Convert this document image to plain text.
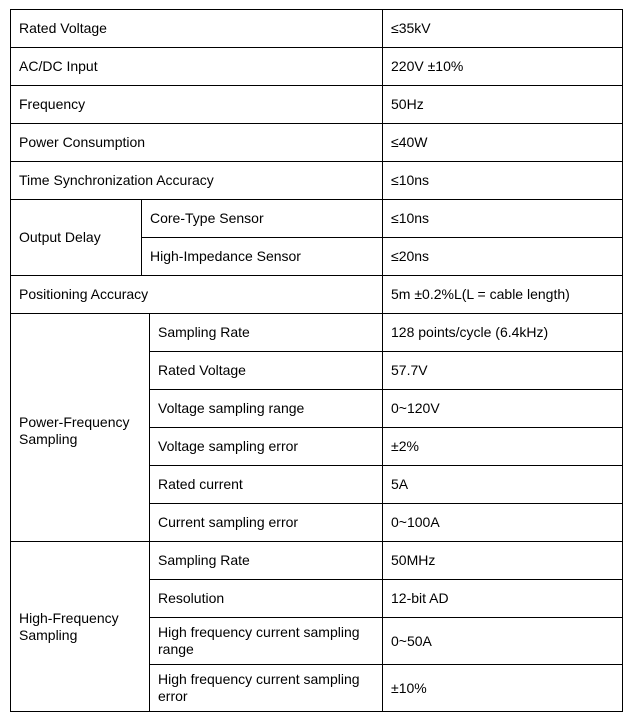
Rated Voltage			≤35kV
AC/DC Input			220V ±10%
Frequency			50Hz
Power Consumption			≤40W
Time Synchronization Accuracy			≤10ns
Output Delay	Core-Type Sensor		≤10ns
	High-Impedance Sensor		≤20ns
Positioning Accuracy			5m ±0.2%L(L = cable length)

Power-Frequency Sampling		Sampling Rate	128 points/cycle (6.4kHz)
		Rated Voltage	57.7V
		Voltage sampling range	0~120V
		Voltage sampling error	±2%
		Rated current	5A
		Current sampling error	0~100A

High-Frequency Sampling		Sampling Rate	50MHz
		Resolution	12-bit AD
		High frequency current sampling range	0~50A
		High frequency current sampling error	±10%
